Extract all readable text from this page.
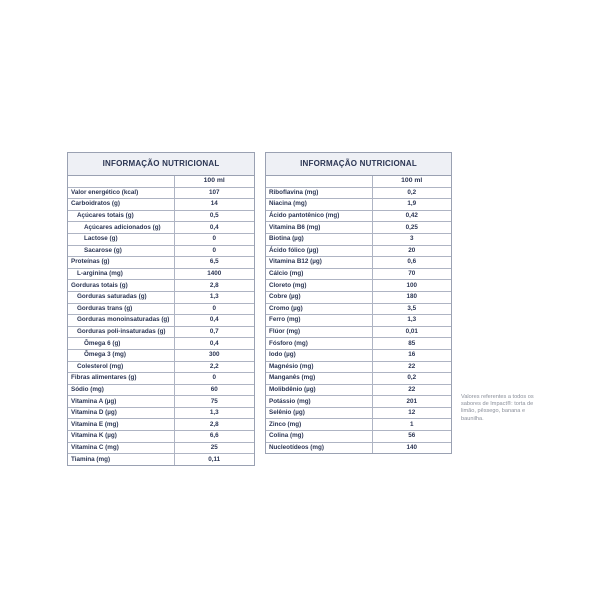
INFORMAÇÃO NUTRICIONAL
	100 ml
Valor energético (kcal)	107
Carboidratos (g)	14
Açúcares totais (g)	0,5
Açúcares adicionados (g)	0,4
Lactose (g)	0
Sacarose (g)	0
Proteínas (g)	6,5
L-arginina (mg)	1400
Gorduras totais (g)	2,8
Gorduras saturadas (g)	1,3
Gorduras trans (g)	0
Gorduras monoinsaturadas (g)	0,4
Gorduras poli-insaturadas (g)	0,7
Ômega 6 (g)	0,4
Ômega 3 (mg)	300
Colesterol (mg)	2,2
Fibras alimentares (g)	0
Sódio (mg)	60
Vitamina A (µg)	75
Vitamina D (µg)	1,3
Vitamina E (mg)	2,8
Vitamina K (µg)	6,6
Vitamina C (mg)	25
Tiamina (mg)	0,11
INFORMAÇÃO NUTRICIONAL
	100 ml
Riboflavina (mg)	0,2
Niacina (mg)	1,9
Ácido pantotênico (mg)	0,42
Vitamina B6 (mg)	0,25
Biotina (µg)	3
Ácido fólico (µg)	20
Vitamina B12 (µg)	0,6
Cálcio (mg)	70
Cloreto (mg)	100
Cobre (µg)	180
Cromo (µg)	3,5
Ferro (mg)	1,3
Flúor (mg)	0,01
Fósforo (mg)	85
Iodo (µg)	16
Magnésio (mg)	22
Manganês (mg)	0,2
Molibdênio (µg)	22
Potássio (mg)	201
Selênio (µg)	12
Zinco (mg)	1
Colina (mg)	56
Nucleotídeos (mg)	140
Valores referentes a todos os sabores de Impact®: torta de limão, pêssego, banana e baunilha.
